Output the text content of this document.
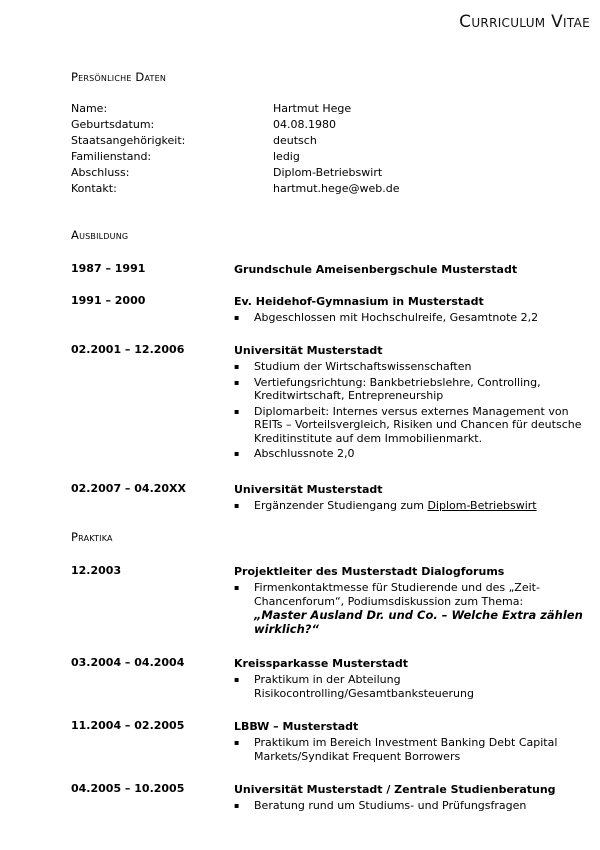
Curriculum Vitae
Persönliche Daten
Name:	Hartmut Hege
Geburtsdatum:	04.08.1980
Staatsangehörigkeit:	deutsch
Familienstand:	ledig
Abschluss:	Diplom-Betriebswirt
Kontakt:	hartmut.hege@web.de
Ausbildung
1987 – 1991	Grundschule Ameisenbergschule Musterstadt
1991 – 2000	Ev. Heidehof-Gymnasium in Musterstadt
▪ Abgeschlossen mit Hochschulreife, Gesamtnote 2,2
02.2001 – 12.2006	Universität Musterstadt
▪ Studium der Wirtschaftswissenschaften
▪ Vertiefungsrichtung: Bankbetriebslehre, Controlling, Kreditwirtschaft, Entrepreneurship
▪ Diplomarbeit: Internes versus externes Management von REITs – Vorteilsvergleich, Risiken und Chancen für deutsche Kreditinstitute auf dem Immobilienmarkt.
▪ Abschlussnote 2,0
02.2007 – 04.20XX	Universität Musterstadt
▪ Ergänzender Studiengang zum Diplom-Betriebswirt
Praktika
12.2003	Projektleiter des Musterstadt Dialogforums
▪ Firmenkontaktmesse für Studierende und des „Zeit-Chancenforum“, Podiumsdiskussion zum Thema:
„Master Ausland Dr. und Co. – Welche Extra zählen wirklich?“
03.2004 – 04.2004	Kreissparkasse Musterstadt
▪ Praktikum in der Abteilung Risikocontrolling/Gesamtbanksteuerung
11.2004 – 02.2005	LBBW – Musterstadt
▪ Praktikum im Bereich Investment Banking Debt Capital Markets/Syndikat Frequent Borrowers
04.2005 – 10.2005	Universität Musterstadt / Zentrale Studienberatung
▪ Beratung rund um Studiums- und Prüfungsfragen
